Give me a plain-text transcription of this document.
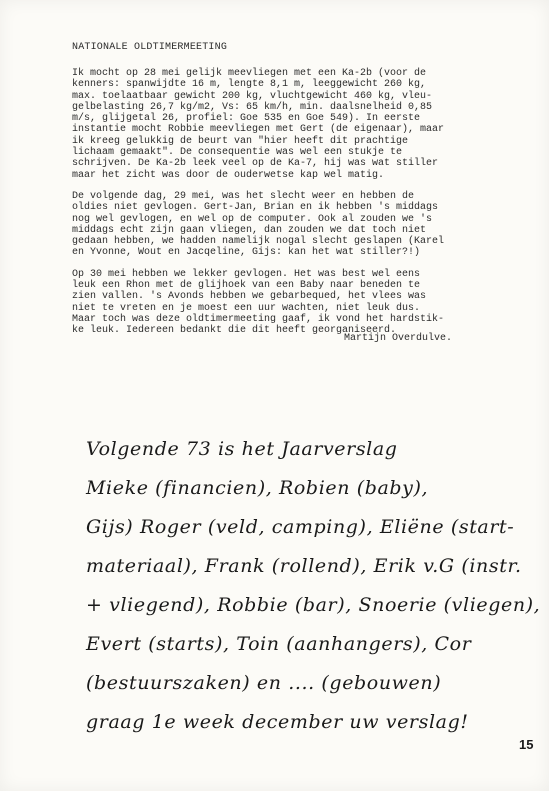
NATIONALE OLDTIMERMEETING
Ik mocht op 28 mei gelijk meevliegen met een Ka-2b (voor de
kenners: spanwijdte 16 m, lengte 8,1 m, leeggewicht 260 kg,
max. toelaatbaar gewicht 200 kg, vluchtgewicht 460 kg, vleu-
gelbelasting 26,7 kg/m2, Vs: 65 km/h, min. daalsnelheid 0,85
m/s, glijgetal 26, profiel: Goe 535 en Goe 549). In eerste
instantie mocht Robbie meevliegen met Gert (de eigenaar), maar
ik kreeg gelukkig de beurt van "hier heeft dit prachtige
lichaam gemaakt". De consequentie was wel een stukje te
schrijven. De Ka-2b leek veel op de Ka-7, hij was wat stiller
maar het zicht was door de ouderwetse kap wel matig.
De volgende dag, 29 mei, was het slecht weer en hebben de
oldies niet gevlogen. Gert-Jan, Brian en ik hebben 's middags
nog wel gevlogen, en wel op de computer. Ook al zouden we 's
middags echt zijn gaan vliegen, dan zouden we dat toch niet
gedaan hebben, we hadden namelijk nogal slecht geslapen (Karel
en Yvonne, Wout en Jacqeline, Gijs: kan het wat stiller?!)
Op 30 mei hebben we lekker gevlogen. Het was best wel eens
leuk een Rhon met de glijhoek van een Baby naar beneden te
zien vallen. 's Avonds hebben we gebarbequed, het vlees was
niet te vreten en je moest een uur wachten, niet leuk dus.
Maar toch was deze oldtimermeeting gaaf, ik vond het hardstik-
ke leuk. Iedereen bedankt die dit heeft georganiseerd.
Martijn Overdulve.
Volgende 73 is het Jaarverslag
Mieke (financien), Robien (baby),
Gijs) Roger (veld, camping), Eliëne (start-
materiaal), Frank (rollend), Erik v.G (instr.
+ vliegend), Robbie (bar), Snoerie (vliegen),
Evert (starts), Toin (aanhangers), Cor
(bestuurszaken) en .... (gebouwen)
graag 1e week december uw verslag!
15
